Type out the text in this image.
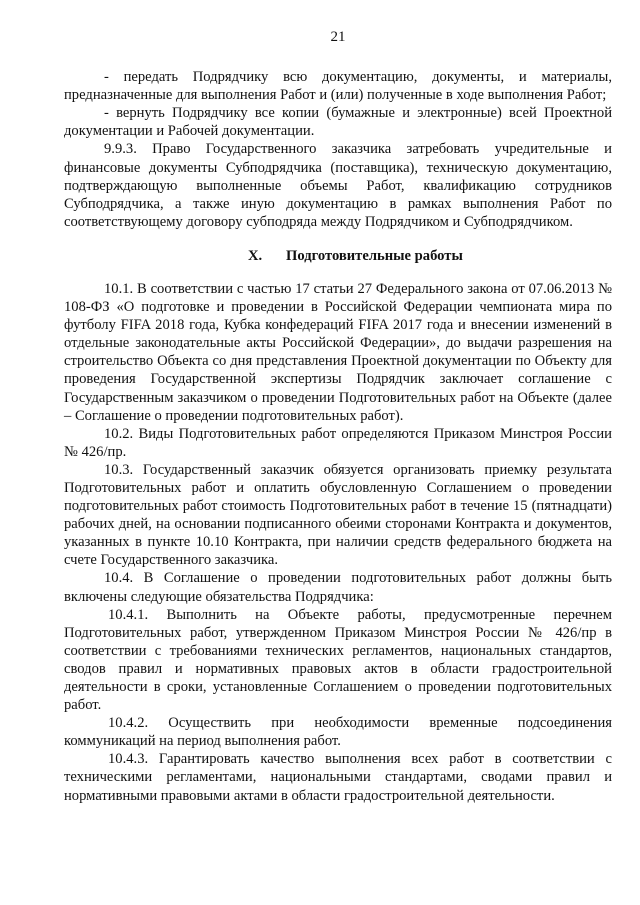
21

- передать Подрядчику всю документацию, документы, и материалы, предназначенные для выполнения Работ и (или) полученные в ходе выполнения Работ;

- вернуть Подрядчику все копии (бумажные и электронные) всей Проектной документации и Рабочей документации.

9.9.3. Право Государственного заказчика затребовать учредительные и финансовые документы Субподрядчика (поставщика), техническую документацию, подтверждающую выполненные объемы Работ, квалификацию сотрудников Субподрядчика, а также иную документацию в рамках выполнения Работ по соответствующему договору субподряда между Подрядчиком и Субподрядчиком.

X. Подготовительные работы

10.1. В соответствии с частью 17 статьи 27 Федерального закона от 07.06.2013 № 108-ФЗ «О подготовке и проведении в Российской Федерации чемпионата мира по футболу FIFA 2018 года, Кубка конфедераций FIFA 2017 года и внесении изменений в отдельные законодательные акты Российской Федерации», до выдачи разрешения на строительство Объекта со дня представления Проектной документации по Объекту для проведения Государственной экспертизы Подрядчик заключает соглашение с Государственным заказчиком о проведении Подготовительных работ на Объекте (далее – Соглашение о проведении подготовительных работ).

10.2. Виды Подготовительных работ определяются Приказом Минстроя России № 426/пр.

10.3. Государственный заказчик обязуется организовать приемку результата Подготовительных работ и оплатить обусловленную Соглашением о проведении подготовительных работ стоимость Подготовительных работ в течение 15 (пятнадцати) рабочих дней, на основании подписанного обеими сторонами Контракта и документов, указанных в пункте 10.10 Контракта, при наличии средств федерального бюджета на счете Государственного заказчика.

10.4. В Соглашение о проведении подготовительных работ должны быть включены следующие обязательства Подрядчика:

10.4.1. Выполнить на Объекте работы, предусмотренные перечнем Подготовительных работ, утвержденном Приказом Минстроя России № 426/пр в соответствии с требованиями технических регламентов, национальных стандартов, сводов правил и нормативных правовых актов в области градостроительной деятельности в сроки, установленные Соглашением о проведении подготовительных работ.

10.4.2. Осуществить при необходимости временные подсоединения коммуникаций на период выполнения работ.

10.4.3. Гарантировать качество выполнения всех работ в соответствии с техническими регламентами, национальными стандартами, сводами правил и нормативными правовыми актами в области градостроительной деятельности.
